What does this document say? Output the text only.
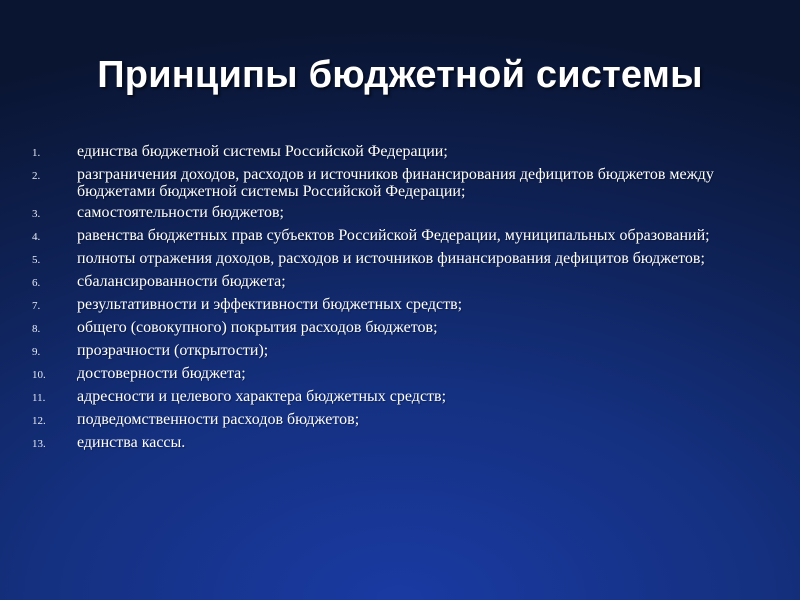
Принципы бюджетной системы
1.	единства бюджетной системы Российской Федерации;
2.	разграничения доходов, расходов и источников финансирования дефицитов бюджетов между бюджетами бюджетной системы Российской Федерации;
3.	самостоятельности бюджетов;
4.	равенства бюджетных прав субъектов Российской Федерации, муниципальных образований;
5.	полноты отражения доходов, расходов и источников финансирования дефицитов бюджетов;
6.	сбалансированности бюджета;
7.	результативности и эффективности бюджетных средств;
8.	общего (совокупного) покрытия расходов бюджетов;
9.	прозрачности (открытости);
10.	достоверности бюджета;
11.	адресности и целевого характера бюджетных средств;
12.	подведомственности расходов бюджетов;
13.	единства кассы.
